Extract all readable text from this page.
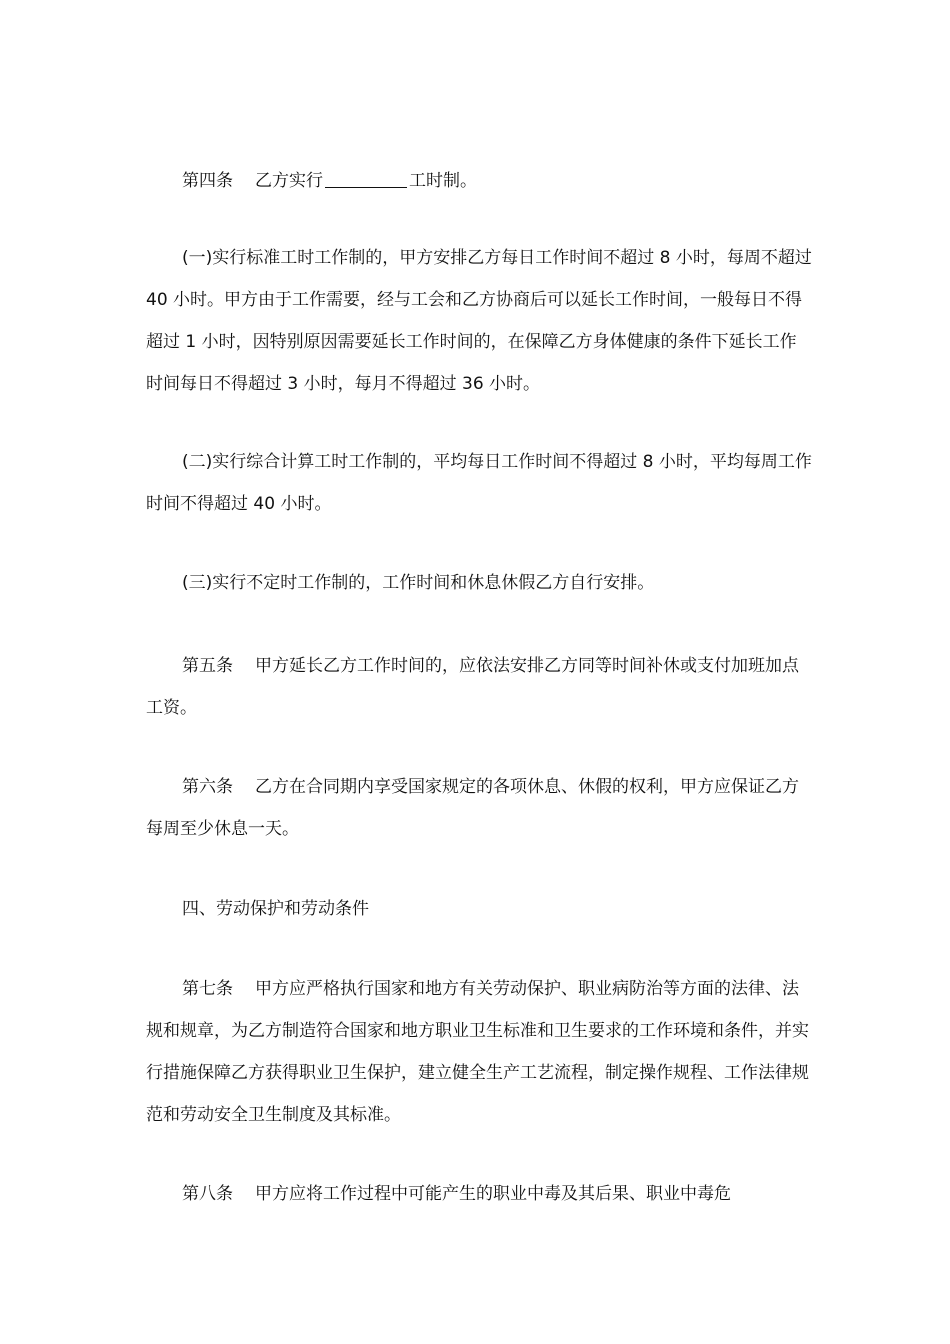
第四条 乙方实行	工时制。

(一)实行标准工时工作制的，甲方安排乙方每日工作时间不超过 8 小时，每周不超过 40 小时。甲方由于工作需要，经与工会和乙方协商后可以延长工作时间，一般每日不得超过 1 小时，因特别原因需要延长工作时间的，在保障乙方身体健康的条件下延长工作时间每日不得超过 3 小时，每月不得超过 36 小时。

(二)实行综合计算工时工作制的，平均每日工作时间不得超过 8 小时，平均每周工作时间不得超过 40 小时。

(三)实行不定时工作制的，工作时间和休息休假乙方自行安排。

第五条 甲方延长乙方工作时间的，应依法安排乙方同等时间补休或支付加班加点工资。

第六条 乙方在合同期内享受国家规定的各项休息、休假的权利，甲方应保证乙方每周至少休息一天。

四、劳动保护和劳动条件

第七条 甲方应严格执行国家和地方有关劳动保护、职业病防治等方面的法律、法规和规章，为乙方制造符合国家和地方职业卫生标准和卫生要求的工作环境和条件，并实行措施保障乙方获得职业卫生保护，建立健全生产工艺流程，制定操作规程、工作法律规范和劳动安全卫生制度及其标准。

第八条 甲方应将工作过程中可能产生的职业中毒及其后果、职业中毒危
